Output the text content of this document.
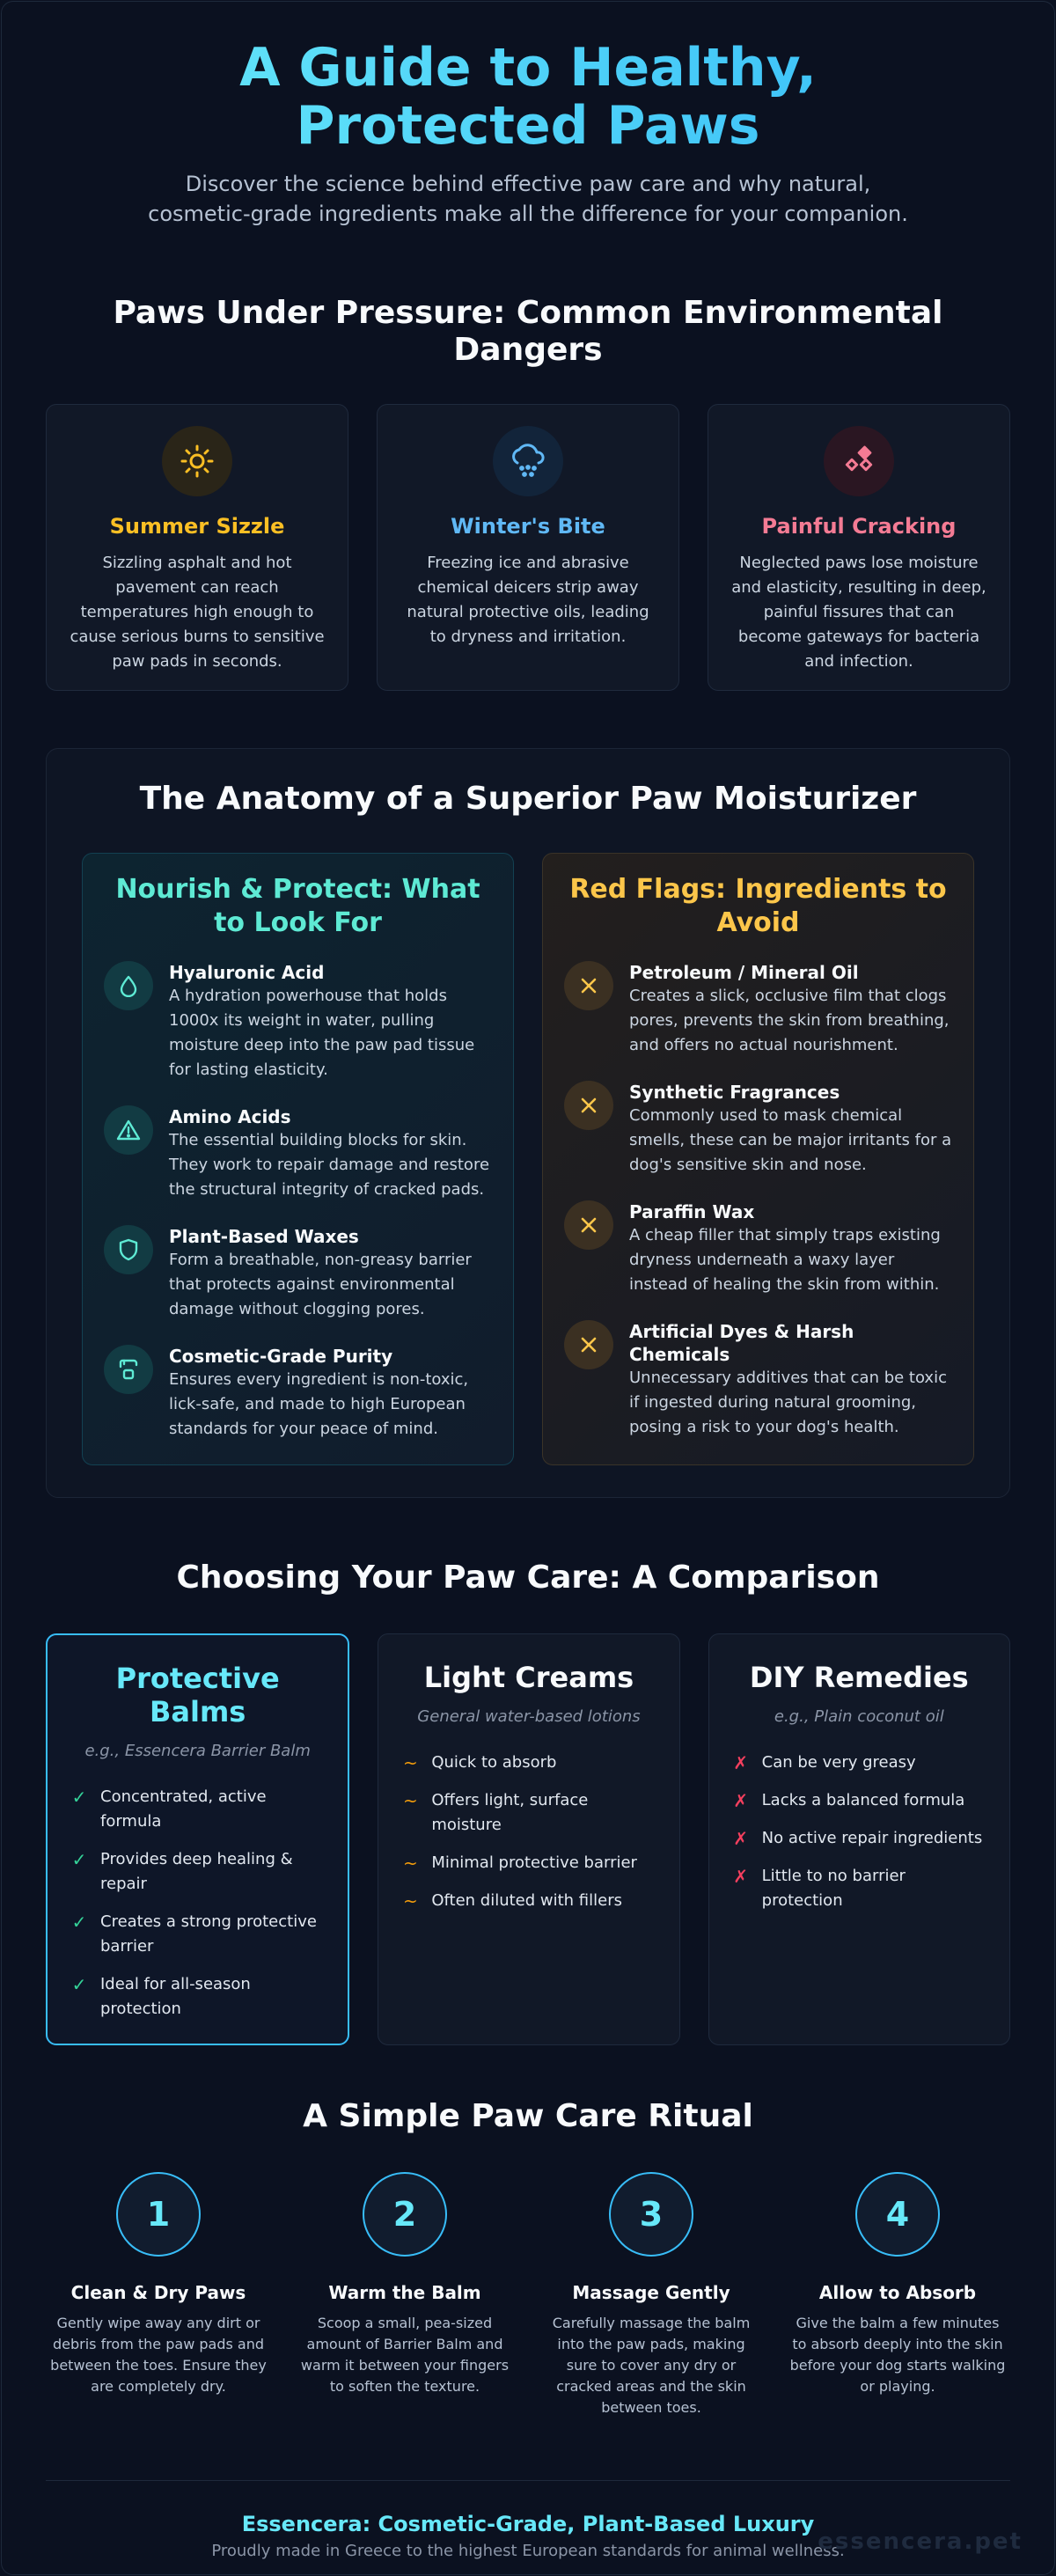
A Guide to Healthy, Protected Paws

Discover the science behind effective paw care and why natural, cosmetic-grade ingredients make all the difference for your companion.

Paws Under Pressure: Common Environmental Dangers
Summer Sizzle

Sizzling asphalt and hot pavement can reach temperatures high enough to cause serious burns to sensitive paw pads in seconds.

Winter's Bite

Freezing ice and abrasive chemical deicers strip away natural protective oils, leading to dryness and irritation.

Painful Cracking

Neglected paws lose moisture and elasticity, resulting in deep, painful fissures that can become gateways for bacteria and infection.

The Anatomy of a Superior Paw Moisturizer
Nourish & Protect: What to Look For
Hyaluronic Acid

A hydration powerhouse that holds 1000x its weight in water, pulling moisture deep into the paw pad tissue for lasting elasticity.

Amino Acids

The essential building blocks for skin. They work to repair damage and restore the structural integrity of cracked pads.

Plant-Based Waxes

Form a breathable, non-greasy barrier that protects against environmental damage without clogging pores.

Cosmetic-Grade Purity

Ensures every ingredient is non-toxic, lick-safe, and made to high European standards for your peace of mind.

Red Flags: Ingredients to Avoid
Petroleum / Mineral Oil

Creates a slick, occlusive film that clogs pores, prevents the skin from breathing, and offers no actual nourishment.

Synthetic Fragrances

Commonly used to mask chemical smells, these can be major irritants for a dog's sensitive skin and nose.

Paraffin Wax

A cheap filler that simply traps existing dryness underneath a waxy layer instead of healing the skin from within.

Artificial Dyes & Harsh Chemicals

Unnecessary additives that can be toxic if ingested during natural grooming, posing a risk to your dog's health.

Choosing Your Paw Care: A Comparison
Protective Balms

e.g., Essencera Barrier Balm

✓ Concentrated, active formula
✓ Provides deep healing & repair
✓ Creates a strong protective barrier
✓ Ideal for all-season protection
Light Creams

General water-based lotions

~ Quick to absorb
~ Offers light, surface moisture
~ Minimal protective barrier
~ Often diluted with fillers
DIY Remedies

e.g., Plain coconut oil

✗ Can be very greasy
✗ Lacks a balanced formula
✗ No active repair ingredients
✗ Little to no barrier protection
A Simple Paw Care Ritual
1
Clean & Dry Paws

Gently wipe away any dirt or debris from the paw pads and between the toes. Ensure they are completely dry.

2
Warm the Balm

Scoop a small, pea-sized amount of Barrier Balm and warm it between your fingers to soften the texture.

3
Massage Gently

Carefully massage the balm into the paw pads, making sure to cover any dry or cracked areas and the skin between toes.

4
Allow to Absorb

Give the balm a few minutes to absorb deeply into the skin before your dog starts walking or playing.

Essencera: Cosmetic-Grade, Plant-Based Luxury
Proudly made in Greece to the highest European standards for animal wellness.
essencera.pet
